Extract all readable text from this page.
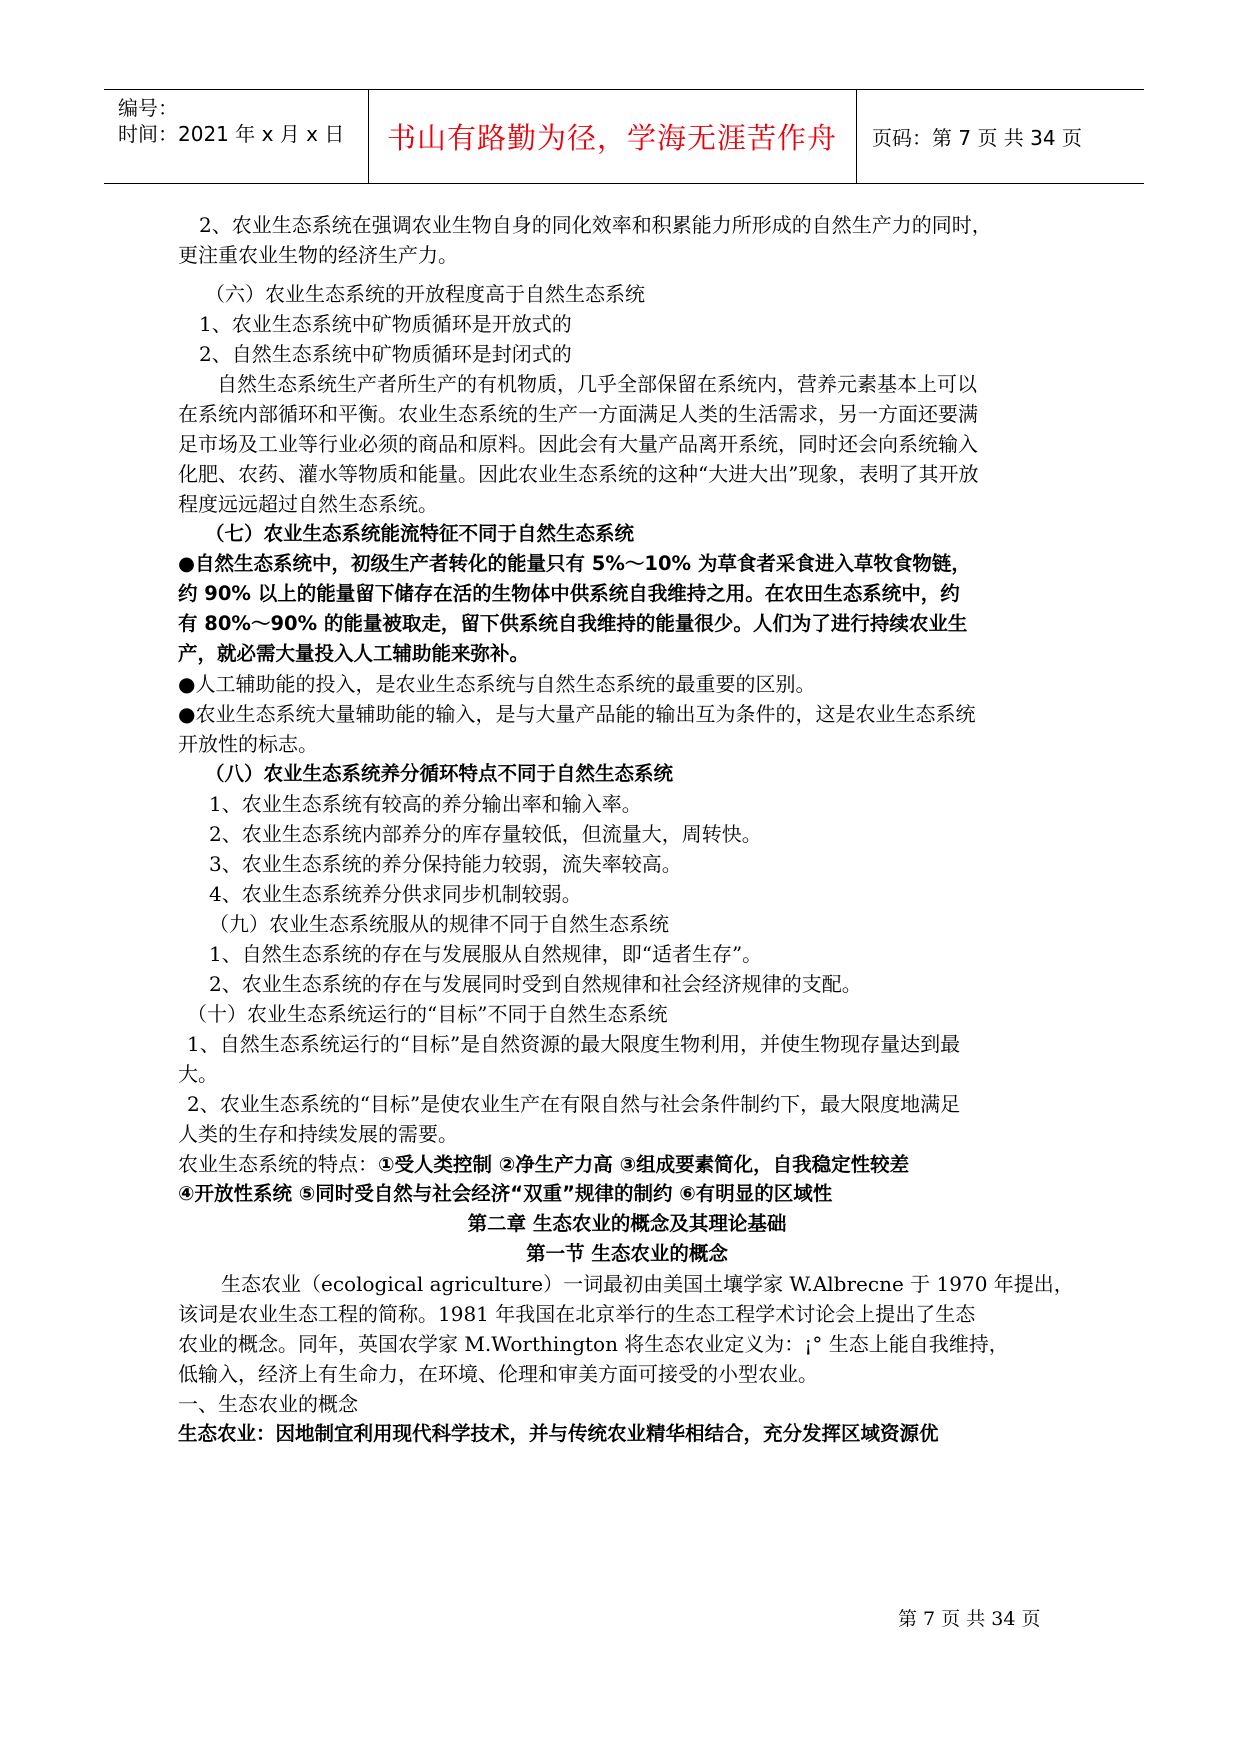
编号：
时间：2021 年 x 月 x 日	书山有路勤为径，学海无涯苦作舟	页码：第 7 页 共 34 页
2、农业生态系统在强调农业生物自身的同化效率和积累能力所形成的自然生产力的同时，
更注重农业生物的经济生产力。
（六）农业生态系统的开放程度高于自然生态系统
1、农业生态系统中矿物质循环是开放式的
2、自然生态系统中矿物质循环是封闭式的
自然生态系统生产者所生产的有机物质，几乎全部保留在系统内，营养元素基本上可以
在系统内部循环和平衡。农业生态系统的生产一方面满足人类的生活需求，另一方面还要满
足市场及工业等行业必须的商品和原料。因此会有大量产品离开系统，同时还会向系统输入
化肥、农药、灌水等物质和能量。因此农业生态系统的这种“大进大出”现象，表明了其开放
程度远远超过自然生态系统。
（七）农业生态系统能流特征不同于自然生态系统
●自然生态系统中，初级生产者转化的能量只有 5%～10% 为草食者采食进入草牧食物链，
约 90% 以上的能量留下储存在活的生物体中供系统自我维持之用。在农田生态系统中，约
有 80%～90% 的能量被取走，留下供系统自我维持的能量很少。人们为了进行持续农业生
产，就必需大量投入人工辅助能来弥补。
●人工辅助能的投入，是农业生态系统与自然生态系统的最重要的区别。
●农业生态系统大量辅助能的输入，是与大量产品能的输出互为条件的，这是农业生态系统
开放性的标志。
（八）农业生态系统养分循环特点不同于自然生态系统
1、农业生态系统有较高的养分输出率和输入率。
2、农业生态系统内部养分的库存量较低，但流量大，周转快。
3、农业生态系统的养分保持能力较弱，流失率较高。
4、农业生态系统养分供求同步机制较弱。
（九）农业生态系统服从的规律不同于自然生态系统
1、自然生态系统的存在与发展服从自然规律，即“适者生存”。
2、农业生态系统的存在与发展同时受到自然规律和社会经济规律的支配。
（十）农业生态系统运行的“目标”不同于自然生态系统
1、自然生态系统运行的“目标”是自然资源的最大限度生物利用，并使生物现存量达到最
大。
2、农业生态系统的“目标”是使农业生产在有限自然与社会条件制约下，最大限度地满足
人类的生存和持续发展的需要。
农业生态系统的特点：①受人类控制 ②净生产力高 ③组成要素简化，自我稳定性较差
④开放性系统 ⑤同时受自然与社会经济“双重”规律的制约 ⑥有明显的区域性
第二章 生态农业的概念及其理论基础
第一节 生态农业的概念
生态农业（ecological agriculture）一词最初由美国土壤学家 W.Albrecne 于 1970 年提出，
该词是农业生态工程的简称。1981 年我国在北京举行的生态工程学术讨论会上提出了生态
农业的概念。同年，英国农学家 M.Worthington 将生态农业定义为：¡° 生态上能自我维持，
低输入，经济上有生命力，在环境、伦理和审美方面可接受的小型农业。
一、生态农业的概念
生态农业：因地制宜利用现代科学技术，并与传统农业精华相结合，充分发挥区域资源优
第 7 页 共 34 页
